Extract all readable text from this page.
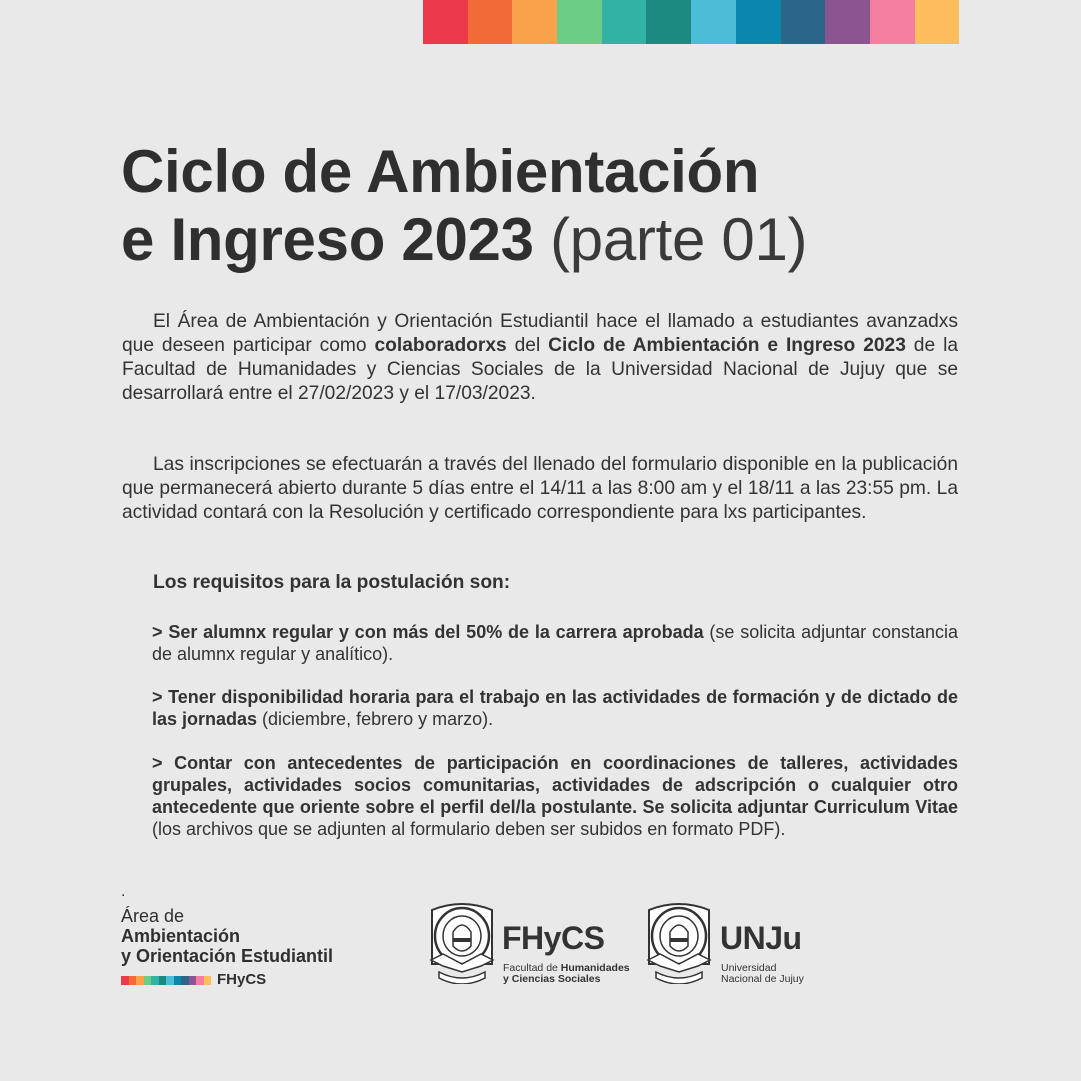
Ciclo de Ambientación
e Ingreso 2023 (parte 01)

El Área de Ambientación y Orientación Estudiantil hace el llamado a estudiantes avanzadxs que deseen participar como colaboradorxs del Ciclo de Ambientación e Ingreso 2023 de la Facultad de Humanidades y Ciencias Sociales de la Universidad Nacional de Jujuy que se desarrollará entre el 27/02/2023 y el 17/03/2023.

Las inscripciones se efectuarán a través del llenado del formulario disponible en la publicación que permanecerá abierto durante 5 días entre el 14/11 a las 8:00 am y el 18/11 a las 23:55 pm. La actividad contará con la Resolución y certificado correspondiente para lxs participantes.

Los requisitos para la postulación son:

> Ser alumnx regular y con más del 50% de la carrera aprobada (se solicita adjuntar constancia de alumnx regular y analítico).

> Tener disponibilidad horaria para el trabajo en las actividades de formación y de dictado de las jornadas (diciembre, febrero y marzo).

> Contar con antecedentes de participación en coordinaciones de talleres, actividades grupales, actividades socios comunitarias, actividades de adscripción o cualquier otro antecedente que oriente sobre el perfil del/la postulante. Se solicita adjuntar Curriculum Vitae (los archivos que se adjunten al formulario deben ser subidos en formato PDF).

.
Área de
Ambientación
y Orientación Estudiantil
FHyCS
FHyCS
Facultad de Humanidades
y Ciencias Sociales
UNJu
Universidad
Nacional de Jujuy
